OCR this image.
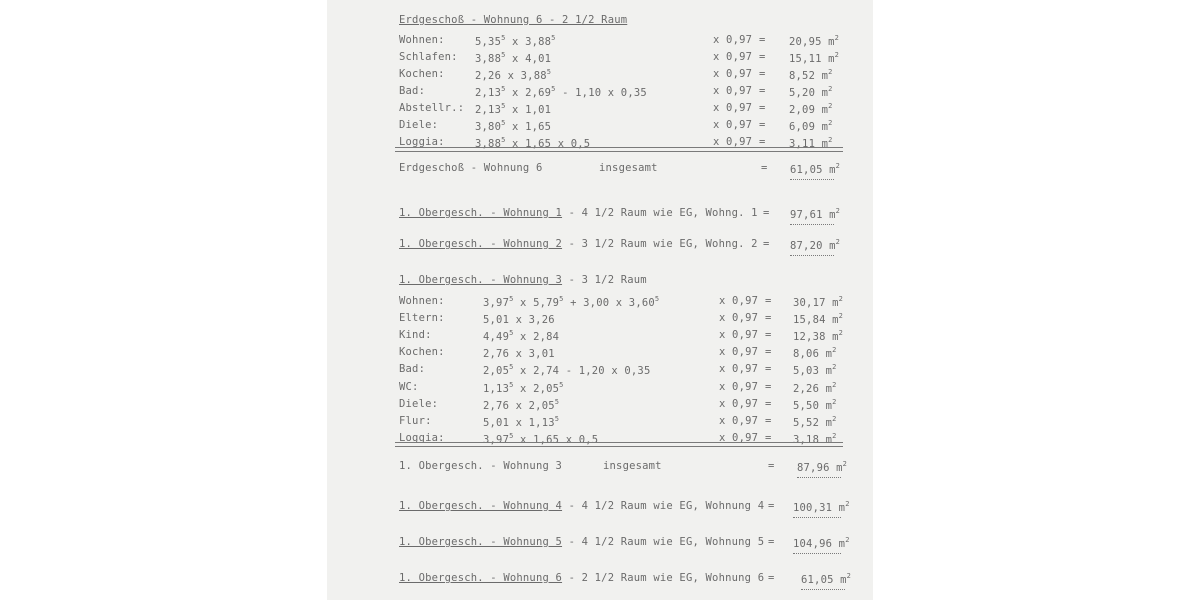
Erdgeschoß - Wohnung 6 - 2 1/2 Raum
Wohnen:	5,35$^5$ x 3,88$^5$	x 0,97 = 20,95 $m^2$
Schlafen: 3,88$^5$ x 4,01	x 0,97 = 15,11 $m^2$
Kochen:	2,26 x 3,88$^5$	x 0,97 = 8,52 $m^2$
Bad:	2,13$^5$ x 2,69$^5$ - 1,10 x 0,35	x 0,97 = 5,20 $m^2$
Abstellr.: 2,13$^5$ x 1,01	x 0,97 = 2,09 $m^2$
Diele:	3,80$^5$ x 1,65	x 0,97 = 6,09 $m^2$
Loggia:	3,88$^5$ x 1,65 x 0,5	x 0,97 = 3,11 $m^2$
Erdgeschoß - Wohnung 6	insgesamt	= 61,05 $m^2$
1. Obergesch. - Wohnung 1 - 4 1/2 Raum wie EG, Wohng. 1 = 97,61 $m^2$
1. Obergesch. - Wohnung 2 - 3 1/2 Raum wie EG, Wohng. 2 = 87,20 $m^2$
1. Obergesch. - Wohnung 3 - 3 1/2 Raum
Wohnen:	3,97$^5$ x $5,79^5 + 3,00$ x 3,60$^5$	x 0,97 = 30,17 $m^2$
Eltern:	5,01 x 3,26	x 0,97 = 15,84 $m^2$
Kind:	4,49$^5$ x 2,84	x 0,97 = 12,38 $m^2$
Kochen:	2,76 x 3,01	x 0,97 = 8,06 $m^2$
Bad:	2,05$^5$ x 2,74 - 1,20 x 0,35	x 0,97 = 5,03 $m^2$
WC:	1,13$^5$ x 2,05$^5$	x 0,97 = 2,26 $m^2$
Diele:	2,76 x 2,05$^5$	x 0,97 = 5,50 $m^2$
Flur:	5,01 x 1,13$^5$	x 0,97 = 5,52 $m^2$
Loggia:	3,97$^5$ x 1,65 x 0,5	x 0,97 = 3,18 $m^2$
1. Obergesch. - Wohnung 3	insgesamt	= 87,96 $m^2$
1. Obergesch. - Wohnung 4 - 4 1/2 Raum wie EG, Wohnung 4 = 100,31 $m^2$
1. Obergesch. - Wohnung 5 - 4 1/2 Raum wie EG, Wohnung 5 = 104,96 $m^2$
1. Obergesch. - Wohnung 6 - 2 1/2 Raum wie EG, Wohnung 6 =	61,05 $m^2$
